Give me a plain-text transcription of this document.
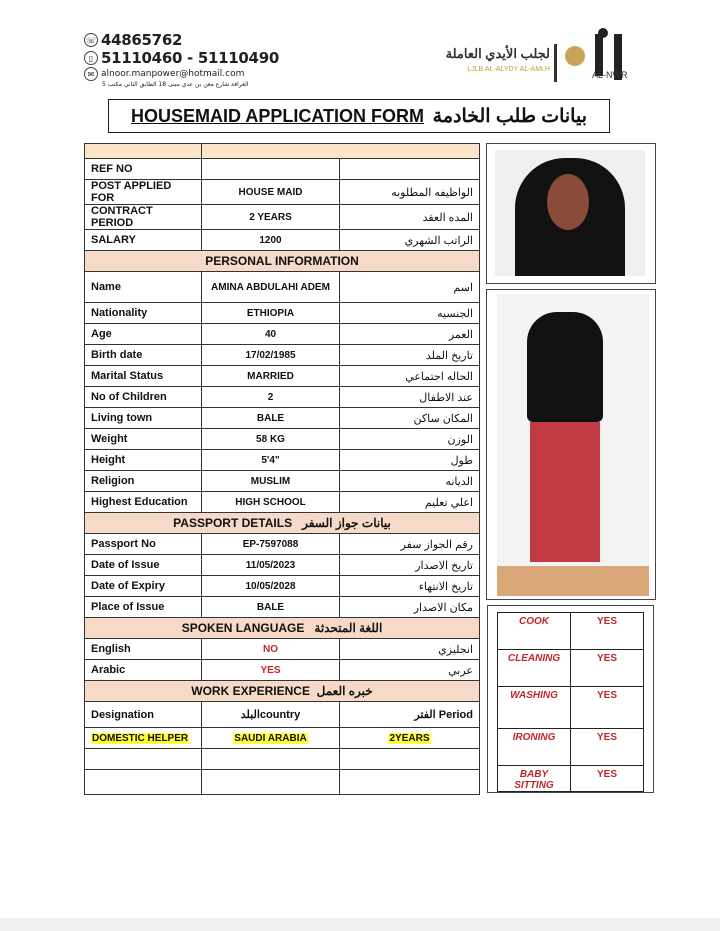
☏ 44865762
▯ 51110460 - 51110490
✉ alnoor.manpower@hotmail.com
الغرافة شارع معن بن عدي مبنى 18 الطابق الثاني مكتب 5
لجلب الأيدي العاملة
LJLB AL-ALYDY AL-AMLH
AL-NWR
HOUSEMAID APPLICATION FORM بيانات طلب الخادمة

REF NO		
POST APPLIED FOR	HOUSE MAID	الواظيفه المطلوبه
CONTRACT PERIOD	2 YEARS	المده العقد
SALARY	1200	الراتب الشهري
PERSONAL INFORMATION		
Name	AMINA ABDULAHI ADEM	اسم
Nationality	ETHIOPIA	الجنسيه
Age	40	العمر
Birth date	17/02/1985	تاريخ الملد
Marital Status	MARRIED	الحاله اجتماعي
No of Children	2	عند الاطفال
Living town	BALE	المكان ساكن
Weight	58 KG	الوزن
Height	5'4"	طول
Religion	MUSLIM	الديانه
Highest Education	HIGH SCHOOL	اعلي تعليم
PASSPORT DETAILS بيانات جواز السفر		
Passport No	EP-7597088	رقم الجواز سفر
Date of Issue	11/05/2023	تاريخ الاصدار
Date of Expiry	10/05/2028	تاريخ الانتهاء
Place of Issue	BALE	مكان الاصدار
SPOKEN LANGUAGE اللغة المتحدثة		
English	NO	انجليزي
Arabic	YES	عربي
WORK EXPERIENCE خبره العمل		
Designation	البلدcountry	الفتر Period
DOMESTIC HELPER	SAUDI ARABIA	2YEARS

COOK	YES
CLEANING	YES
WASHING	YES
IRONING	YES
BABY SITTING	YES
